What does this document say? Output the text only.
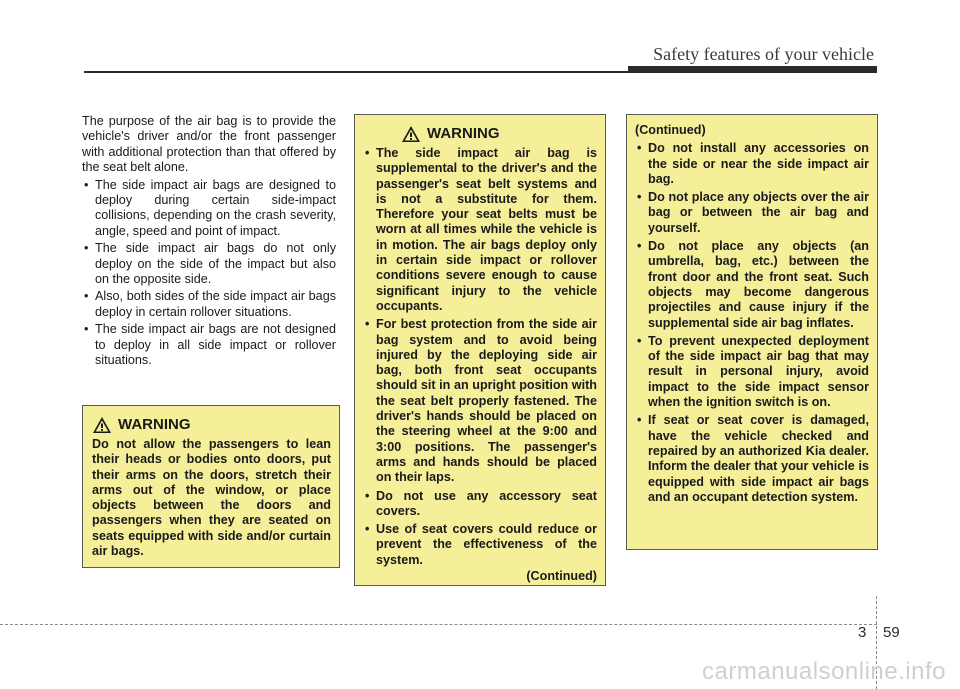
Safety features of your vehicle

The purpose of the air bag is to provide the vehicle's driver and/or the front passenger with additional protection than that offered by the seat belt alone.

• The side impact air bags are designed to deploy during certain side-impact collisions, depending on the crash severity, angle, speed and point of impact.
• The side impact air bags do not only deploy on the side of the impact but also on the opposite side.
• Also, both sides of the side impact air bags deploy in certain rollover situations.
• The side impact air bags are not designed to deploy in all side impact or rollover situations.
WARNING
Do not allow the passengers to lean their heads or bodies onto doors, put their arms on the doors, stretch their arms out of the window, or place objects between the doors and passengers when they are seated on seats equipped with side and/or curtain air bags.
WARNING
• The side impact air bag is supplemental to the driver's and the passenger's seat belt systems and is not a substitute for them. Therefore your seat belts must be worn at all times while the vehicle is in motion. The air bags deploy only in certain side impact or rollover conditions severe enough to cause significant injury to the vehicle occupants.
• For best protection from the side air bag system and to avoid being injured by the deploying side air bag, both front seat occupants should sit in an upright position with the seat belt properly fastened. The driver's hands should be placed on the steering wheel at the 9:00 and 3:00 positions. The passenger's arms and hands should be placed on their laps.
• Do not use any accessory seat covers.
• Use of seat covers could reduce or prevent the effectiveness of the system.
(Continued)
(Continued)
• Do not install any accessories on the side or near the side impact air bag.
• Do not place any objects over the air bag or between the air bag and yourself.
• Do not place any objects (an umbrella, bag, etc.) between the front door and the front seat. Such objects may become dangerous projectiles and cause injury if the supplemental side air bag inflates.
• To prevent unexpected deployment of the side impact air bag that may result in personal injury, avoid impact to the side impact sensor when the ignition switch is on.
• If seat or seat cover is damaged, have the vehicle checked and repaired by an authorized Kia dealer. Inform the dealer that your vehicle is equipped with side impact air bags and an occupant detection system.
3 59
carmanualsonline.info
